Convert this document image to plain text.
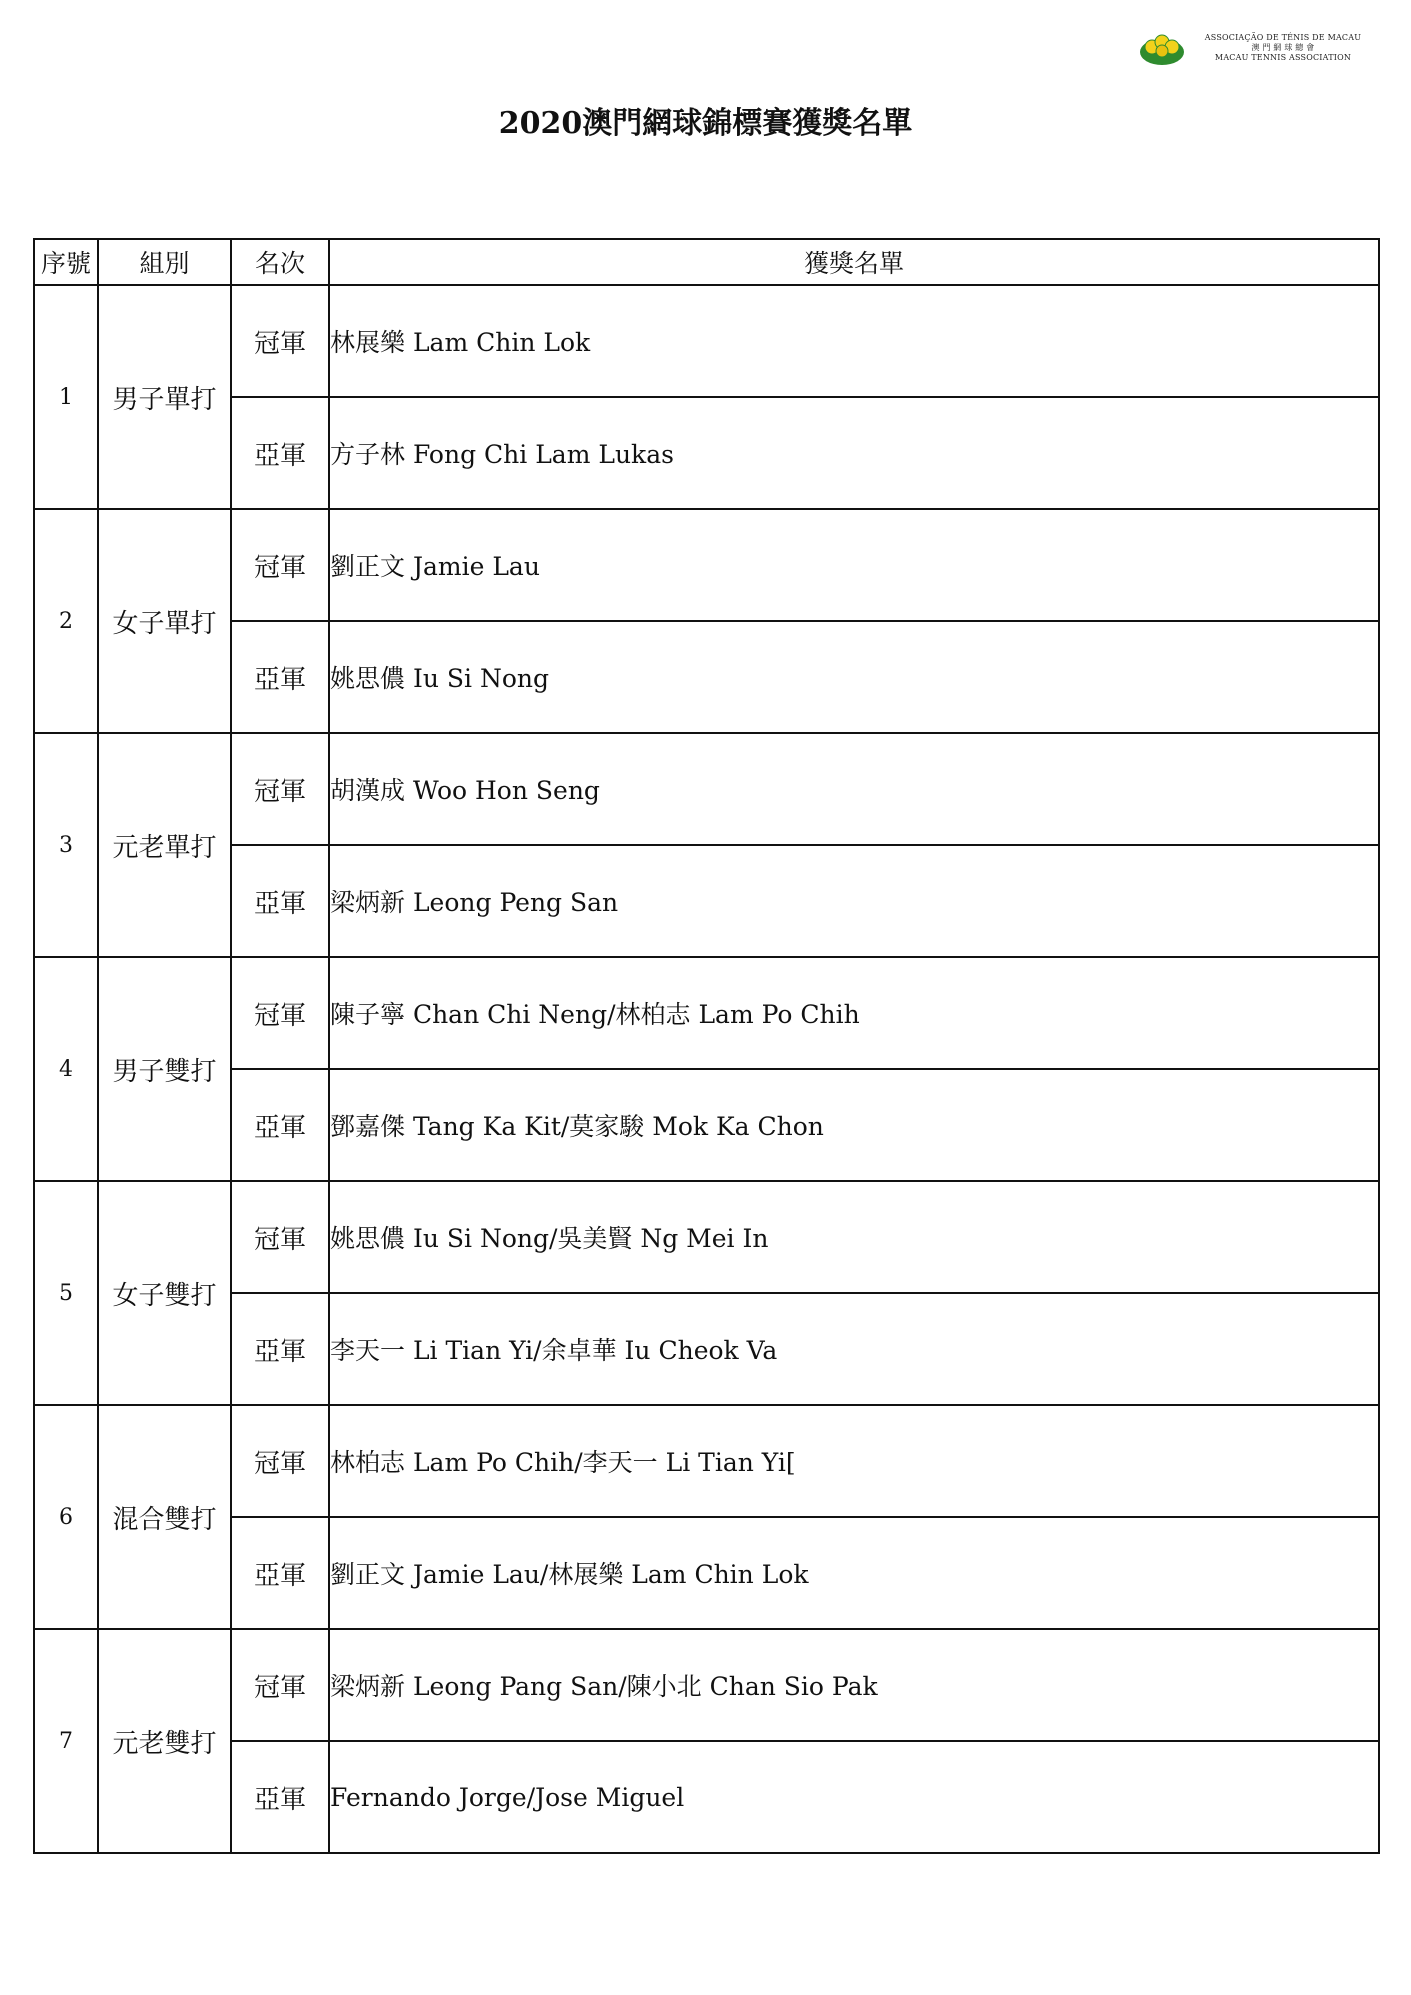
ASSOCIAÇÃO DE TÉNIS DE MACAU
澳 門 網 球 總 會
MACAU TENNIS ASSOCIATION
2020澳門網球錦標賽獲獎名單
序號	組別	名次	獲獎名單
1	男子單打	冠軍	林展樂 Lam Chin Lok
		亞軍	方子林 Fong Chi Lam Lukas
2	女子單打	冠軍	劉正文 Jamie Lau
		亞軍	姚思儂 Iu Si Nong
3	元老單打	冠軍	胡漢成 Woo Hon Seng
		亞軍	梁炳新 Leong Peng San
4	男子雙打	冠軍	陳子寧 Chan Chi Neng/林柏志 Lam Po Chih
		亞軍	鄧嘉傑 Tang Ka Kit/莫家駿 Mok Ka Chon
5	女子雙打	冠軍	姚思儂 Iu Si Nong/吳美賢 Ng Mei In
		亞軍	李天一 Li Tian Yi/余卓華 Iu Cheok Va
6	混合雙打	冠軍	林柏志 Lam Po Chih/李天一 Li Tian Yi[
		亞軍	劉正文 Jamie Lau/林展樂 Lam Chin Lok
7	元老雙打	冠軍	梁炳新 Leong Pang San/陳小北 Chan Sio Pak
		亞軍	Fernando Jorge/Jose Miguel
